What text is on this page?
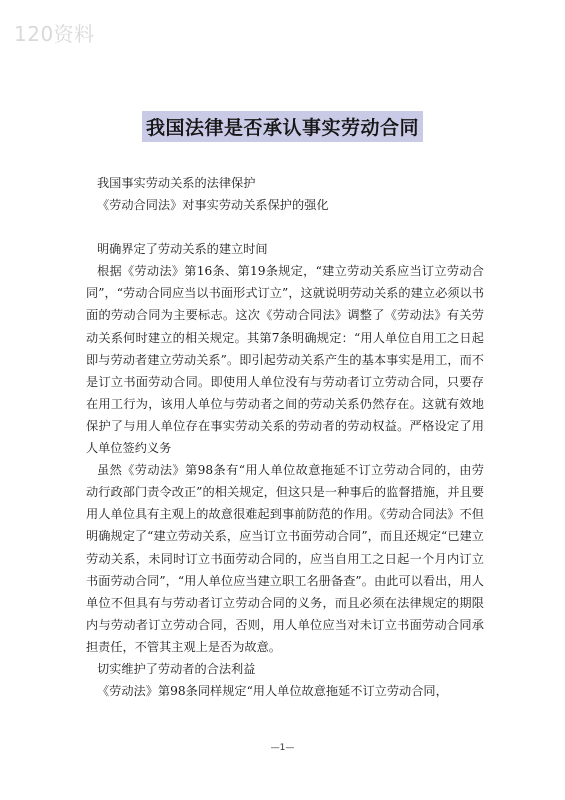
120资料
我国法律是否承认事实劳动合同

我国事实劳动关系的法律保护

《劳动合同法》对事实劳动关系保护的强化

明确界定了劳动关系的建立时间

根据《劳动法》第16条、第19条规定，“建立劳动关系应当订立劳动合同”，“劳动合同应当以书面形式订立”，这就说明劳动关系的建立必须以书面的劳动合同为主要标志。这次《劳动合同法》调整了《劳动法》有关劳动关系何时建立的相关规定。其第7条明确规定：“用人单位自用工之日起即与劳动者建立劳动关系”。即引起劳动关系产生的基本事实是用工，而不是订立书面劳动合同。即使用人单位没有与劳动者订立劳动合同，只要存在用工行为，该用人单位与劳动者之间的劳动关系仍然存在。这就有效地保护了与用人单位存在事实劳动关系的劳动者的劳动权益。严格设定了用人单位签约义务

虽然《劳动法》第98条有“用人单位故意拖延不订立劳动合同的，由劳动行政部门责令改正”的相关规定，但这只是一种事后的监督措施，并且要用人单位具有主观上的故意很难起到事前防范的作用。《劳动合同法》不但明确规定了“建立劳动关系，应当订立书面劳动合同”，而且还规定“已建立劳动关系，未同时订立书面劳动合同的，应当自用工之日起一个月内订立书面劳动合同”，“用人单位应当建立职工名册备查”。由此可以看出，用人单位不但具有与劳动者订立劳动合同的义务，而且必须在法律规定的期限内与劳动者订立劳动合同，否则，用人单位应当对未订立书面劳动合同承担责任，不管其主观上是否为故意。

切实维护了劳动者的合法利益

《劳动法》第98条同样规定“用人单位故意拖延不订立劳动合同，

—1—
